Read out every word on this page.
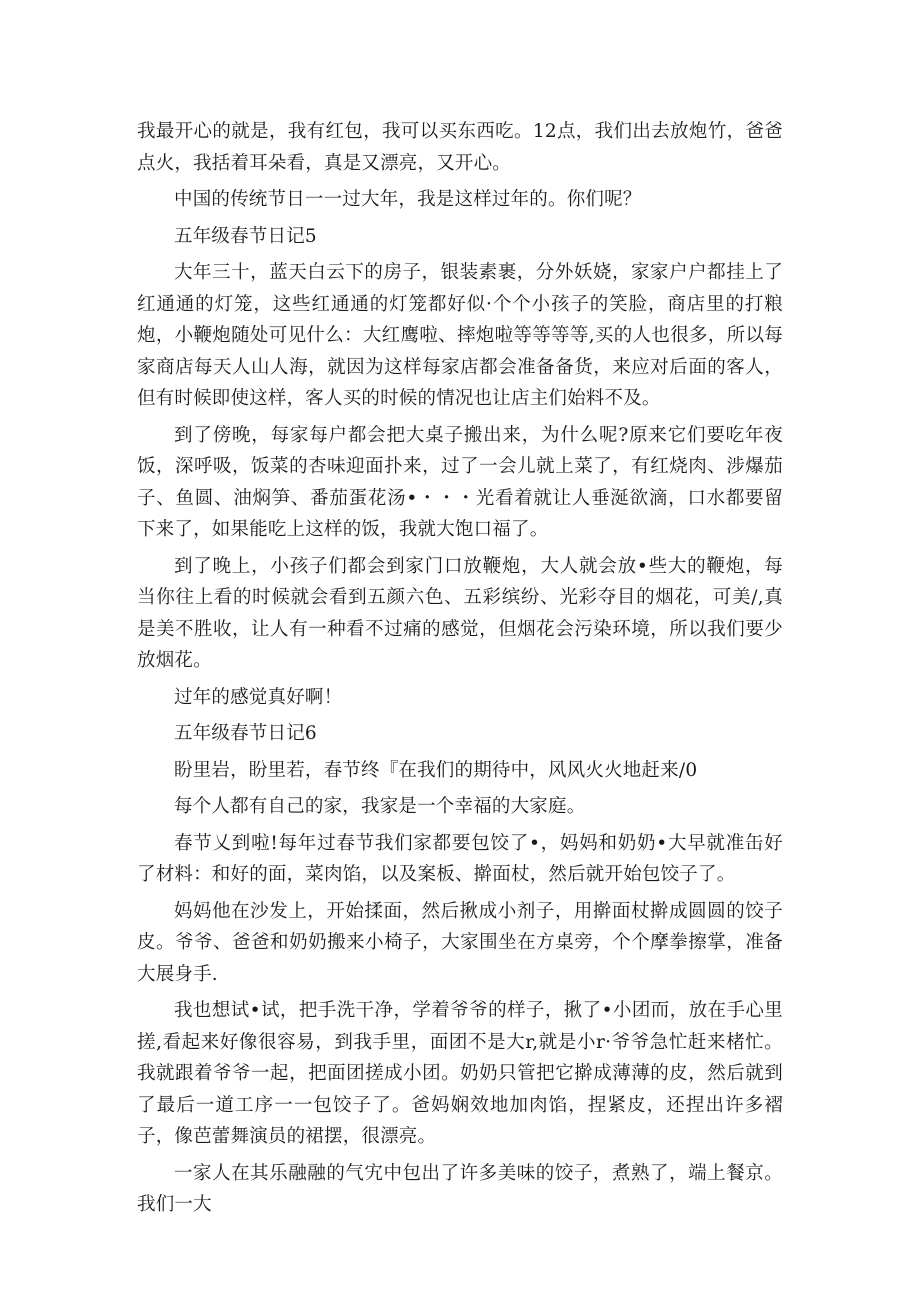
我最开心的就是，我有红包，我可以买东西吃。12点，我们出去放炮竹，爸爸点火，我括着耳朵看，真是又漂亮，又开心。

中国的传统节日一一过大年，我是这样过年的。你们呢？

五年级春节日记5

大年三十，蓝天白云下的房子，银装素裹，分外妖娆，家家户户都挂上了红通通的灯笼，这些红通通的灯笼都好似·个个小孩子的笑脸，商店里的打粮炮，小鞭炮随处可见什么：大红鹰啦、摔炮啦等等等等,买的人也很多，所以每家商店每天人山人海，就因为这样每家店都会准备备货，来应对后面的客人，但有时候即使这样，客人买的时候的情况也让店主们始料不及。

到了傍晚，每家每户都会把大桌子搬出来，为什么呢?原来它们要吃年夜饭，深呼吸，饭菜的杏味迎面扑来，过了一会儿就上菜了，有红烧肉、涉爆茄子、鱼圆、油焖笋、番茄蛋花汤•・・・光看着就让人垂涎欲滴，口水都要留下来了，如果能吃上这样的饭，我就大饱口福了。

到了晚上，小孩子们都会到家门口放鞭炮，大人就会放•些大的鞭炮，每当你往上看的时候就会看到五颜六色、五彩缤纷、光彩夺目的烟花，可美/,真是美不胜收，让人有一种看不过痛的感觉，但烟花会污染环境，所以我们要少放烟花。

过年的感觉真好啊！

五年级春节日记6

盼里岩，盼里若，春节终『在我们的期待中，风风火火地赶来/0

每个人都有自己的家，我家是一个幸福的大家庭。

春节乂到啦!每年过春节我们家都要包饺了•，妈妈和奶奶•大早就准缶好了材料：和好的面，菜肉馅，以及案板、擀面杖，然后就开始包饺子了。

妈妈他在沙发上，开始揉面，然后揪成小剂子，用擀面杖擀成圆圆的饺子皮。爷爷、爸爸和奶奶搬来小椅子，大家围坐在方桌旁，个个摩拳擦掌，准备大展身手.

我也想试•试，把手洗干净，学着爷爷的样子，揪了•小团而，放在手心里搓,看起来好像很容易，到我手里，面团不是大r,就是小r·爷爷急忙赶来楮忙。我就跟着爷爷一起，把面团搓成小团。奶奶只管把它擀成薄薄的皮，然后就到了最后一道工序一一包饺子了。爸妈娴效地加肉馅，捏紧皮，还捏出许多褶子，像芭蕾舞演员的裙摆，很漂亮。

一家人在其乐融融的气宄中包出了许多美味的饺子，煮熟了，端上餐京。我们一大
